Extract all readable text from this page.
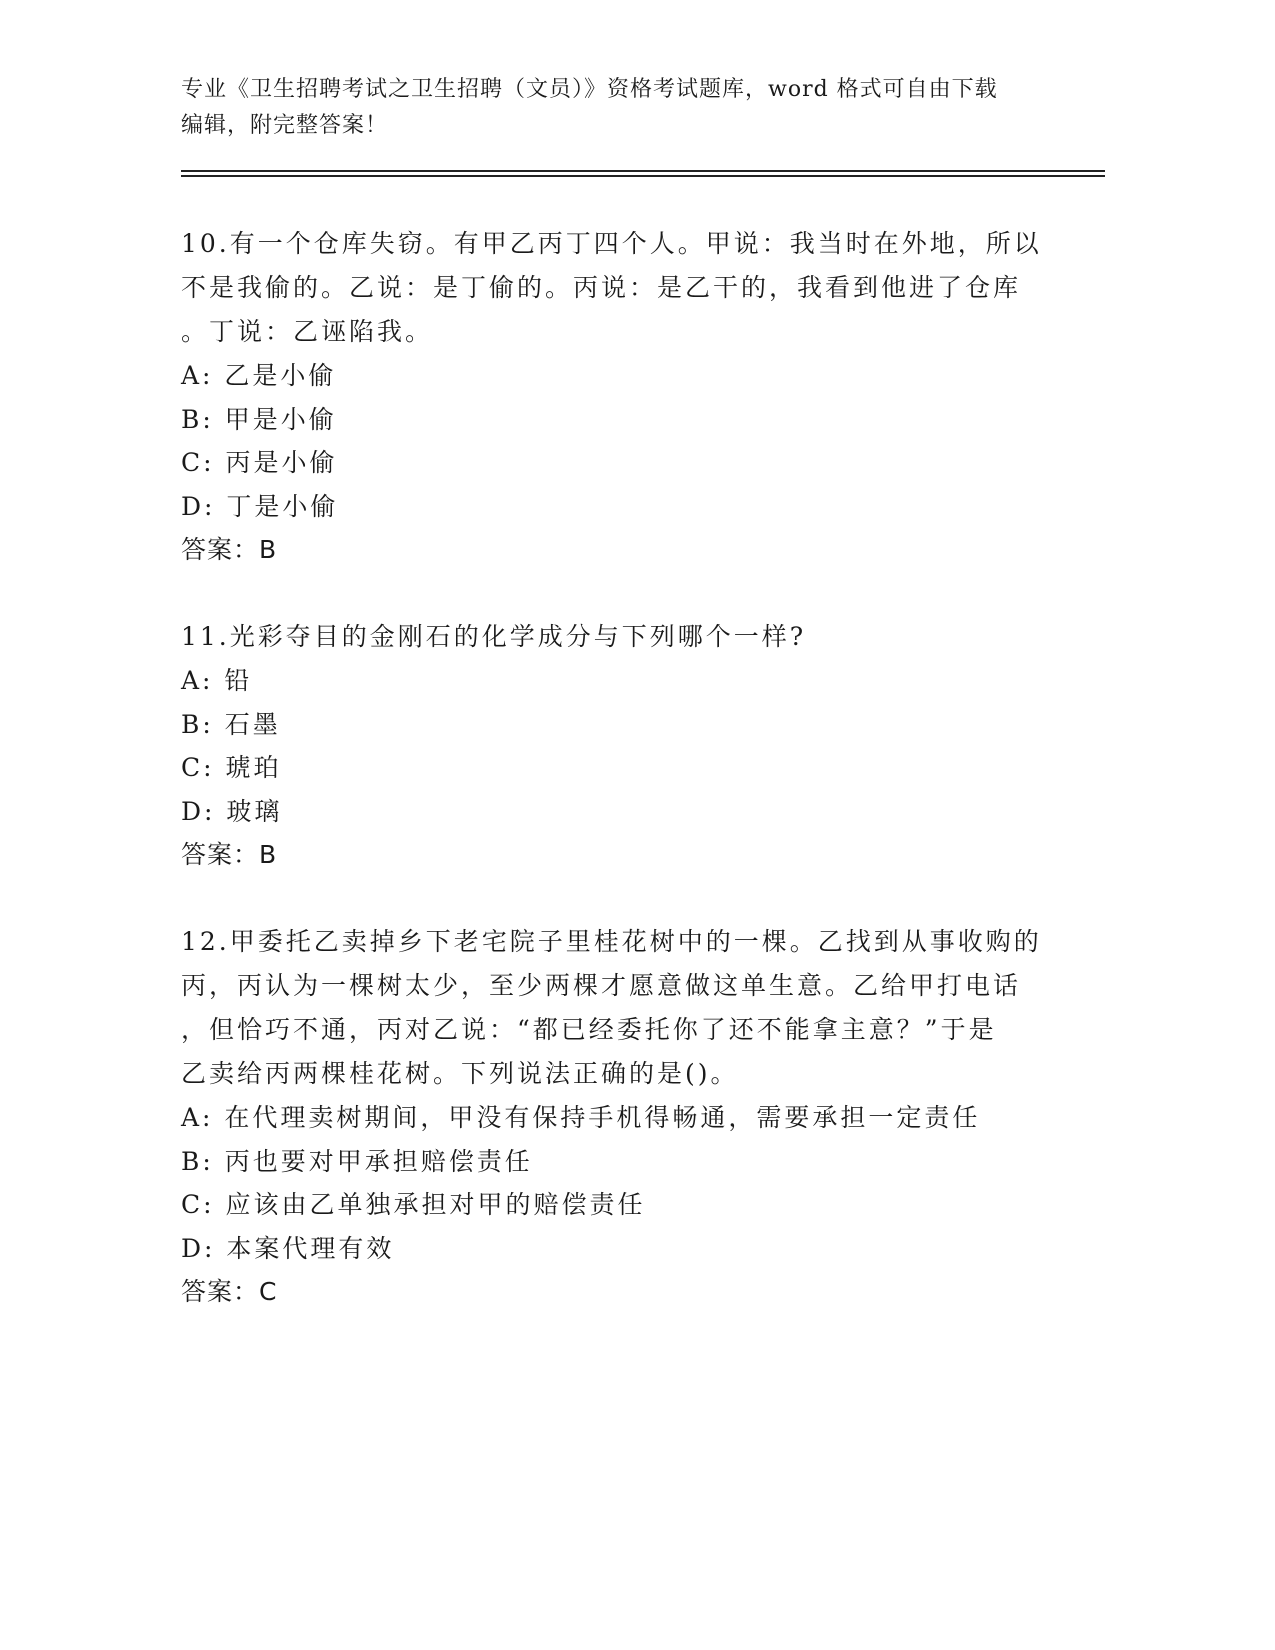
专业《卫生招聘考试之卫生招聘（文员）》资格考试题库，word 格式可自由下载
编辑，附完整答案！
10.有一个仓库失窃。有甲乙丙丁四个人。甲说：我当时在外地，所以
不是我偷的。乙说：是丁偷的。丙说：是乙干的，我看到他进了仓库
。丁说：乙诬陷我。
A: 乙是小偷
B: 甲是小偷
C: 丙是小偷
D: 丁是小偷
答案：B
11.光彩夺目的金刚石的化学成分与下列哪个一样?
A: 铅
B: 石墨
C: 琥珀
D: 玻璃
答案：B
12.甲委托乙卖掉乡下老宅院子里桂花树中的一棵。乙找到从事收购的
丙，丙认为一棵树太少，至少两棵才愿意做这单生意。乙给甲打电话
，但恰巧不通，丙对乙说：“都已经委托你了还不能拿主意？”于是
乙卖给丙两棵桂花树。下列说法正确的是()。
A: 在代理卖树期间，甲没有保持手机得畅通，需要承担一定责任
B: 丙也要对甲承担赔偿责任
C: 应该由乙单独承担对甲的赔偿责任
D: 本案代理有效
答案：C
